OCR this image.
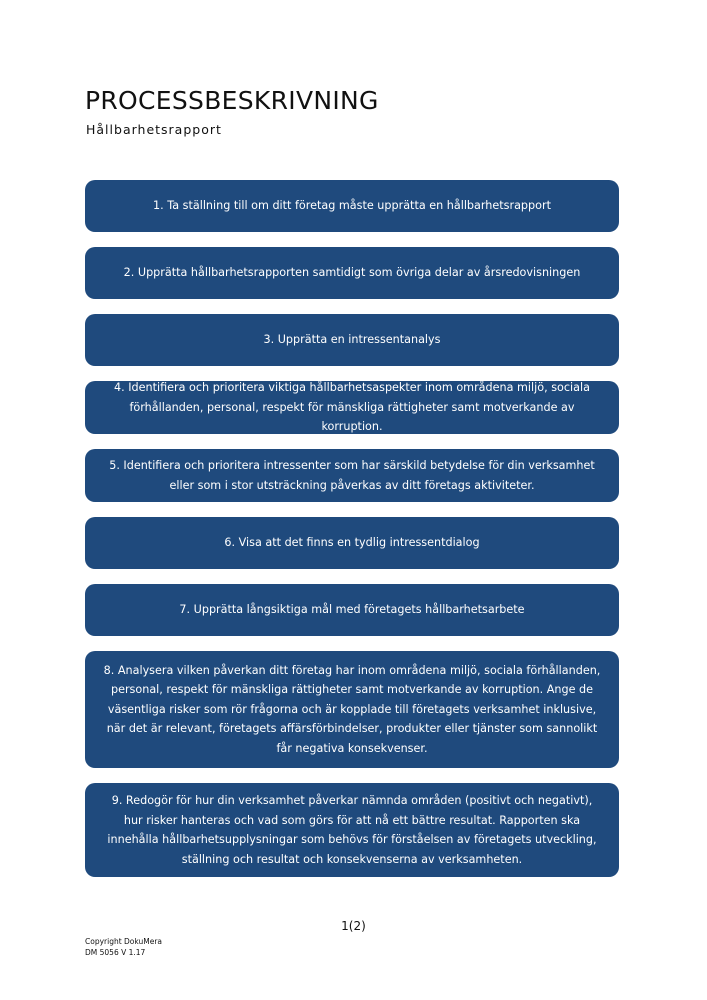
PROCESSBESKRIVNING
Hållbarhetsrapport
1. Ta ställning till om ditt företag måste upprätta en hållbarhetsrapport
2. Upprätta hållbarhetsrapporten samtidigt som övriga delar av årsredovisningen
3. Upprätta en intressentanalys
4. Identifiera och prioritera viktiga hållbarhetsaspekter inom områdena miljö, sociala förhållanden, personal, respekt för mänskliga rättigheter samt motverkande av korruption.
5. Identifiera och prioritera intressenter som har särskild betydelse för din verksamhet eller som i stor utsträckning påverkas av ditt företags aktiviteter.
6. Visa att det finns en tydlig intressentdialog
7. Upprätta långsiktiga mål med företagets hållbarhetsarbete
8. Analysera vilken påverkan ditt företag har inom områdena miljö, sociala förhållanden, personal, respekt för mänskliga rättigheter samt motverkande av korruption. Ange de väsentliga risker som rör frågorna och är kopplade till företagets verksamhet inklusive, när det är relevant, företagets affärsförbindelser, produkter eller tjänster som sannolikt får negativa konsekvenser.
9. Redogör för hur din verksamhet påverkar nämnda områden (positivt och negativt), hur risker hanteras och vad som görs för att nå ett bättre resultat. Rapporten ska innehålla hållbarhetsupplysningar som behövs för förståelsen av företagets utveckling, ställning och resultat och konsekvenserna av verksamheten.
1(2)
Copyright DokuMera
DM 5056 V 1.17
